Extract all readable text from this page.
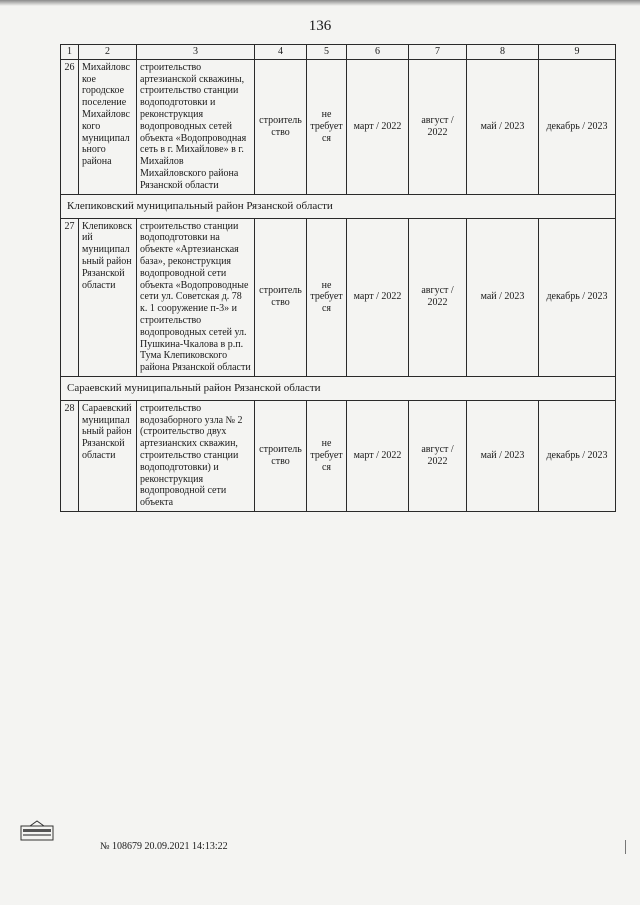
136
1	2	3	4	5	6	7	8	9
26	Михайловское городское поселение Михайловского муниципального района	строительство артезианской скважины, строительство станции водоподготовки и реконструкция водопроводных сетей объекта «Водопроводная сеть в г. Михайлове» в г. Михайлов Михайловского района Рязанской области	строительство	не требуется	март / 2022	август / 2022	май / 2023	декабрь / 2023
Клепиковский муниципальный район Рязанской области								
27	Клепиковский муниципальный район Рязанской области	строительство станции водоподготовки на объекте «Артезианская база», реконструкция водопроводной сети объекта «Водопроводные сети ул. Советская д. 78 к. 1 сооружение п-3» и строительство водопроводных сетей ул. Пушкина-Чкалова в р.п. Тума Клепиковского района Рязанской области	строительство	не требуется	март / 2022	август / 2022	май / 2023	декабрь / 2023
Сараевский муниципальный район Рязанской области								
28	Сараевский муниципальный район Рязанской области	строительство водозаборного узла № 2 (строительство двух артезианских скважин, строительство станции водоподготовки) и реконструкция водопроводной сети объекта	строительство	не требуется	март / 2022	август / 2022	май / 2023	декабрь / 2023
№ 108679 20.09.2021 14:13:22
